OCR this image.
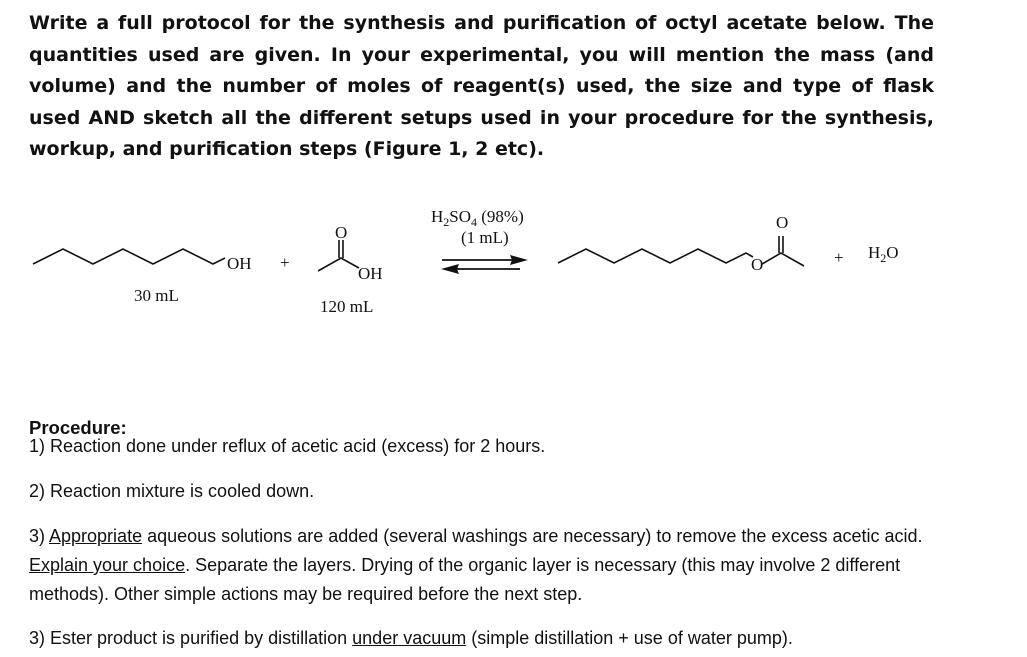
Write a full protocol for the synthesis and purification of octyl acetate below. The quantities used are given. In your experimental, you will mention the mass (and volume) and the number of moles of reagent(s) used, the size and type of flask used AND sketch all the different setups used in your procedure for the synthesis, workup, and purification steps (Figure 1, 2 etc).

OH
30 mL
+
O
OH
120 mL
$H_2SO_4$ (98%)
(1 mL)
O
O
+ $H_2O$
Procedure:
1) Reaction done under reflux of acetic acid (excess) for 2 hours.
2) Reaction mixture is cooled down.
3) Appropriate aqueous solutions are added (several washings are necessary) to remove the excess acetic acid. Explain your choice. Separate the layers. Drying of the organic layer is necessary (this may involve 2 different methods). Other simple actions may be required before the next step.
3) Ester product is purified by distillation under vacuum (simple distillation + use of water pump).
